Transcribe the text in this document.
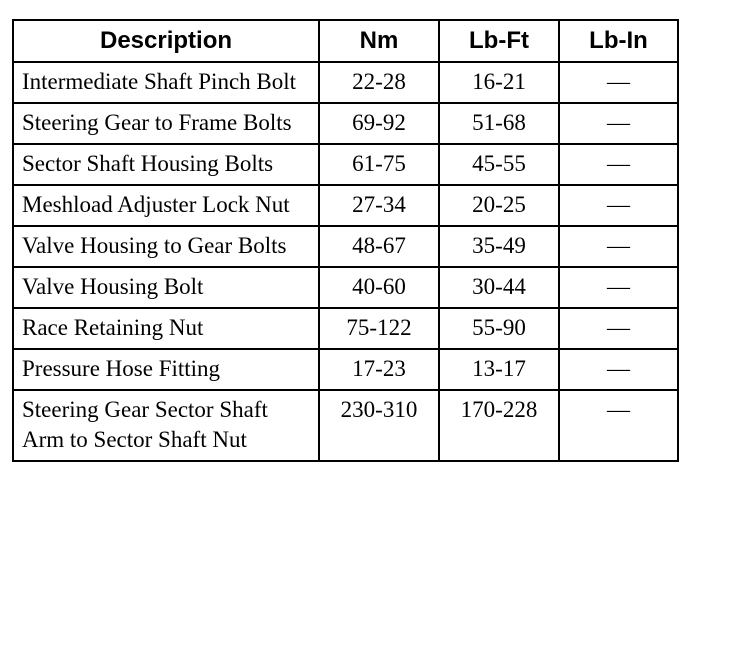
Description	Nm	Lb-Ft	Lb-In
Intermediate Shaft Pinch Bolt	22-28	16-21	—
Steering Gear to Frame Bolts	69-92	51-68	—
Sector Shaft Housing Bolts	61-75	45-55	—
Meshload Adjuster Lock Nut	27-34	20-25	—
Valve Housing to Gear Bolts	48-67	35-49	—
Valve Housing Bolt	40-60	30-44	—
Race Retaining Nut	75-122	55-90	—
Pressure Hose Fitting	17-23	13-17	—
Steering Gear Sector Shaft Arm to Sector Shaft Nut	230-310	170-228	—
